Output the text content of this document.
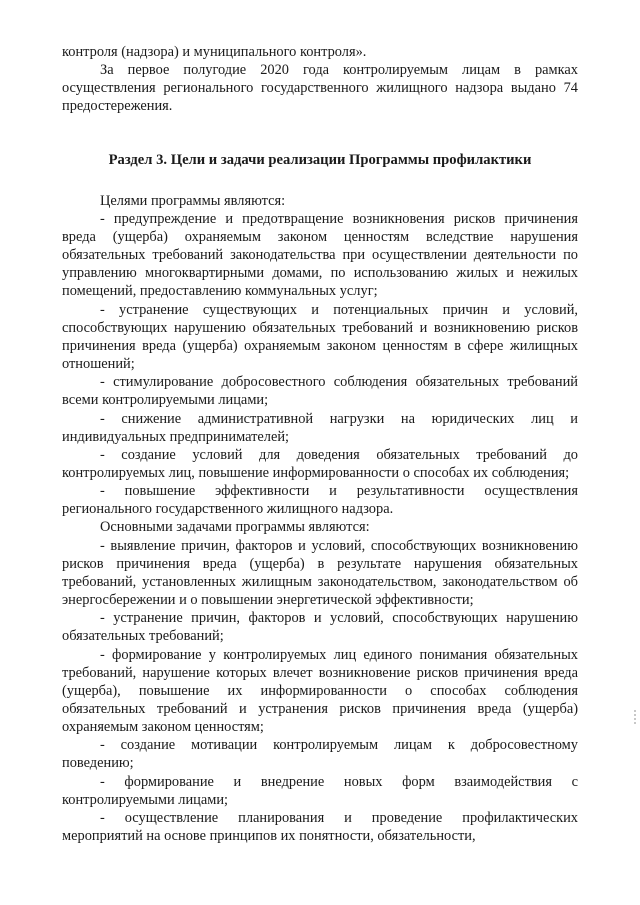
контроля (надзора) и муниципального контроля».

За первое полугодие 2020 года контролируемым лицам в рамках осуществления регионального государственного жилищного надзора выдано 74 предостережения.

Раздел 3. Цели и задачи реализации Программы профилактики

Целями программы являются:

- предупреждение и предотвращение возникновения рисков причинения вреда (ущерба) охраняемым законом ценностям вследствие нарушения обязательных требований законодательства при осуществлении деятельности по управлению многоквартирными домами, по использованию жилых и нежилых помещений, предоставлению коммунальных услуг;

- устранение существующих и потенциальных причин и условий, способствующих нарушению обязательных требований и возникновению рисков причинения вреда (ущерба) охраняемым законом ценностям в сфере жилищных отношений;

- стимулирование добросовестного соблюдения обязательных требований всеми контролируемыми лицами;

- снижение административной нагрузки на юридических лиц и индивидуальных предпринимателей;

- создание условий для доведения обязательных требований до контролируемых лиц, повышение информированности о способах их соблюдения;

- повышение эффективности и результативности осуществления регионального государственного жилищного надзора.

Основными задачами программы являются:

- выявление причин, факторов и условий, способствующих возникновению рисков причинения вреда (ущерба) в результате нарушения обязательных требований, установленных жилищным законодательством, законодательством об энергосбережении и о повышении энергетической эффективности;

- устранение причин, факторов и условий, способствующих нарушению обязательных требований;

- формирование у контролируемых лиц единого понимания обязательных требований, нарушение которых влечет возникновение рисков причинения вреда (ущерба), повышение их информированности о способах соблюдения обязательных требований и устранения рисков причинения вреда (ущерба) охраняемым законом ценностям;

- создание мотивации контролируемым лицам к добросовестному поведению;

- формирование и внедрение новых форм взаимодействия с контролируемыми лицами;

- осуществление планирования и проведение профилактических мероприятий на основе принципов их понятности, обязательности,
